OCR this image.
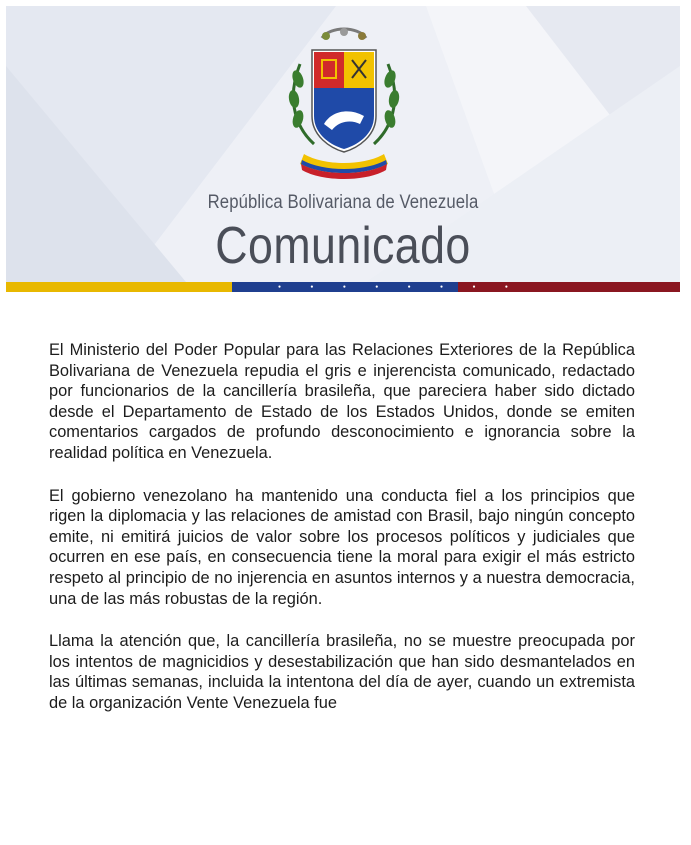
República Bolivariana de Venezuela
Comunicado
● ● ● ● ● ● ● ●

El Ministerio del Poder Popular para las Relaciones Exteriores de la República Bolivariana de Venezuela repudia el gris e injerencista comunicado, redactado por funcionarios de la cancillería brasileña, que pareciera haber sido dictado desde el Departamento de Estado de los Estados Unidos, donde se emiten comentarios cargados de profundo desconocimiento e ignorancia sobre la realidad política en Venezuela.

El gobierno venezolano ha mantenido una conducta fiel a los principios que rigen la diplomacia y las relaciones de amistad con Brasil, bajo ningún concepto emite, ni emitirá juicios de valor sobre los procesos políticos y judiciales que ocurren en ese país, en consecuencia tiene la moral para exigir el más estricto respeto al principio de no injerencia en asuntos internos y a nuestra democracia, una de las más robustas de la región.

Llama la atención que, la cancillería brasileña, no se muestre preocupada por los intentos de magnicidios y desestabilización que han sido desmantelados en las últimas semanas, incluida la intentona del día de ayer, cuando un extremista de la organización Vente Venezuela fue
